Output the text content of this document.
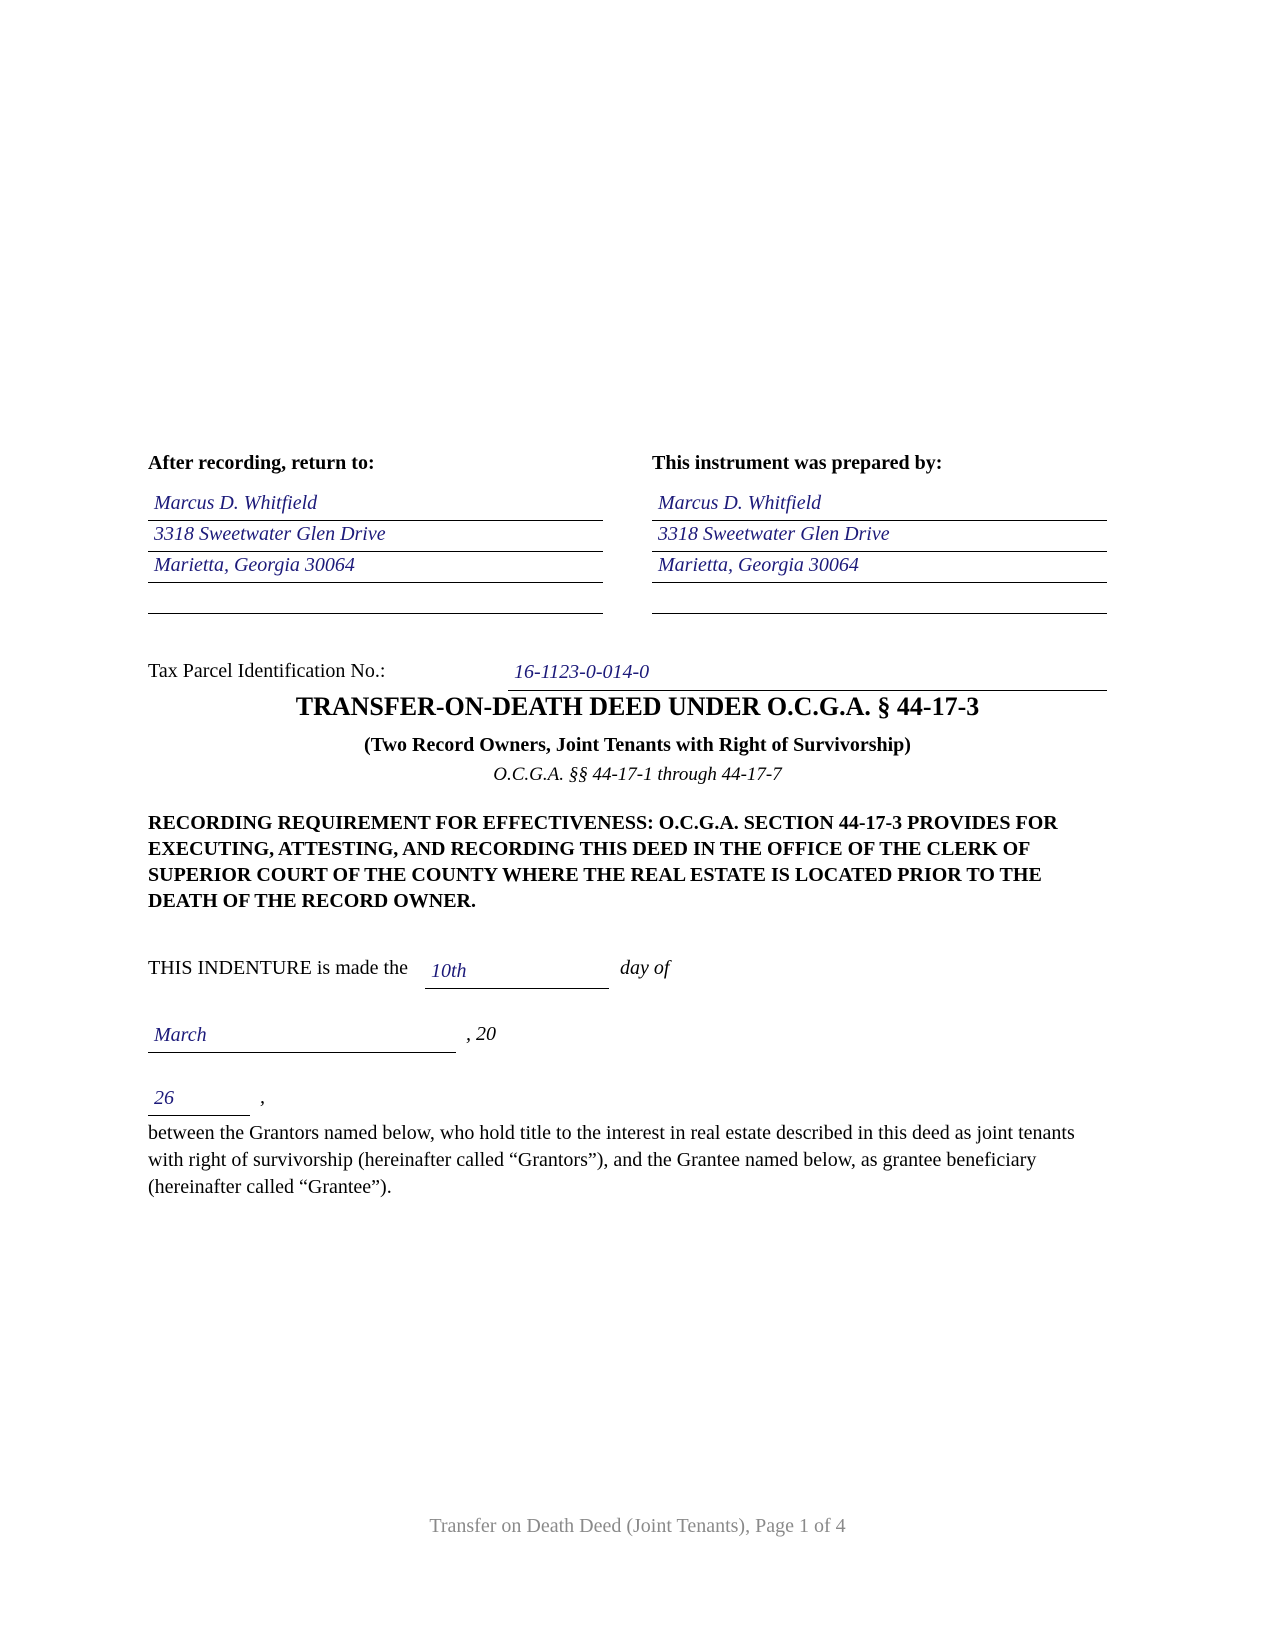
After recording, return to:
Marcus D. Whitfield
3318 Sweetwater Glen Drive
Marietta, Georgia 30064
This instrument was prepared by:
Marcus D. Whitfield
3318 Sweetwater Glen Drive
Marietta, Georgia 30064
Tax Parcel Identification No.:	16-1123-0-014-0
TRANSFER-ON-DEATH DEED UNDER O.C.G.A. § 44-17-3
(Two Record Owners, Joint Tenants with Right of Survivorship)
O.C.G.A. §§ 44-17-1 through 44-17-7
RECORDING REQUIREMENT FOR EFFECTIVENESS: O.C.G.A. SECTION 44-17-3 PROVIDES FOR EXECUTING, ATTESTING, AND RECORDING THIS DEED IN THE OFFICE OF THE CLERK OF SUPERIOR COURT OF THE COUNTY WHERE THE REAL ESTATE IS LOCATED PRIOR TO THE DEATH OF THE RECORD OWNER.
THIS INDENTURE is made the 10th	day of
March	, 20
26	,
between the Grantors named below, who hold title to the interest in real estate described in this deed as joint tenants with right of survivorship (hereinafter called “Grantors”), and the Grantee named below, as grantee beneficiary (hereinafter called “Grantee”).
Transfer on Death Deed (Joint Tenants), Page 1 of 4
